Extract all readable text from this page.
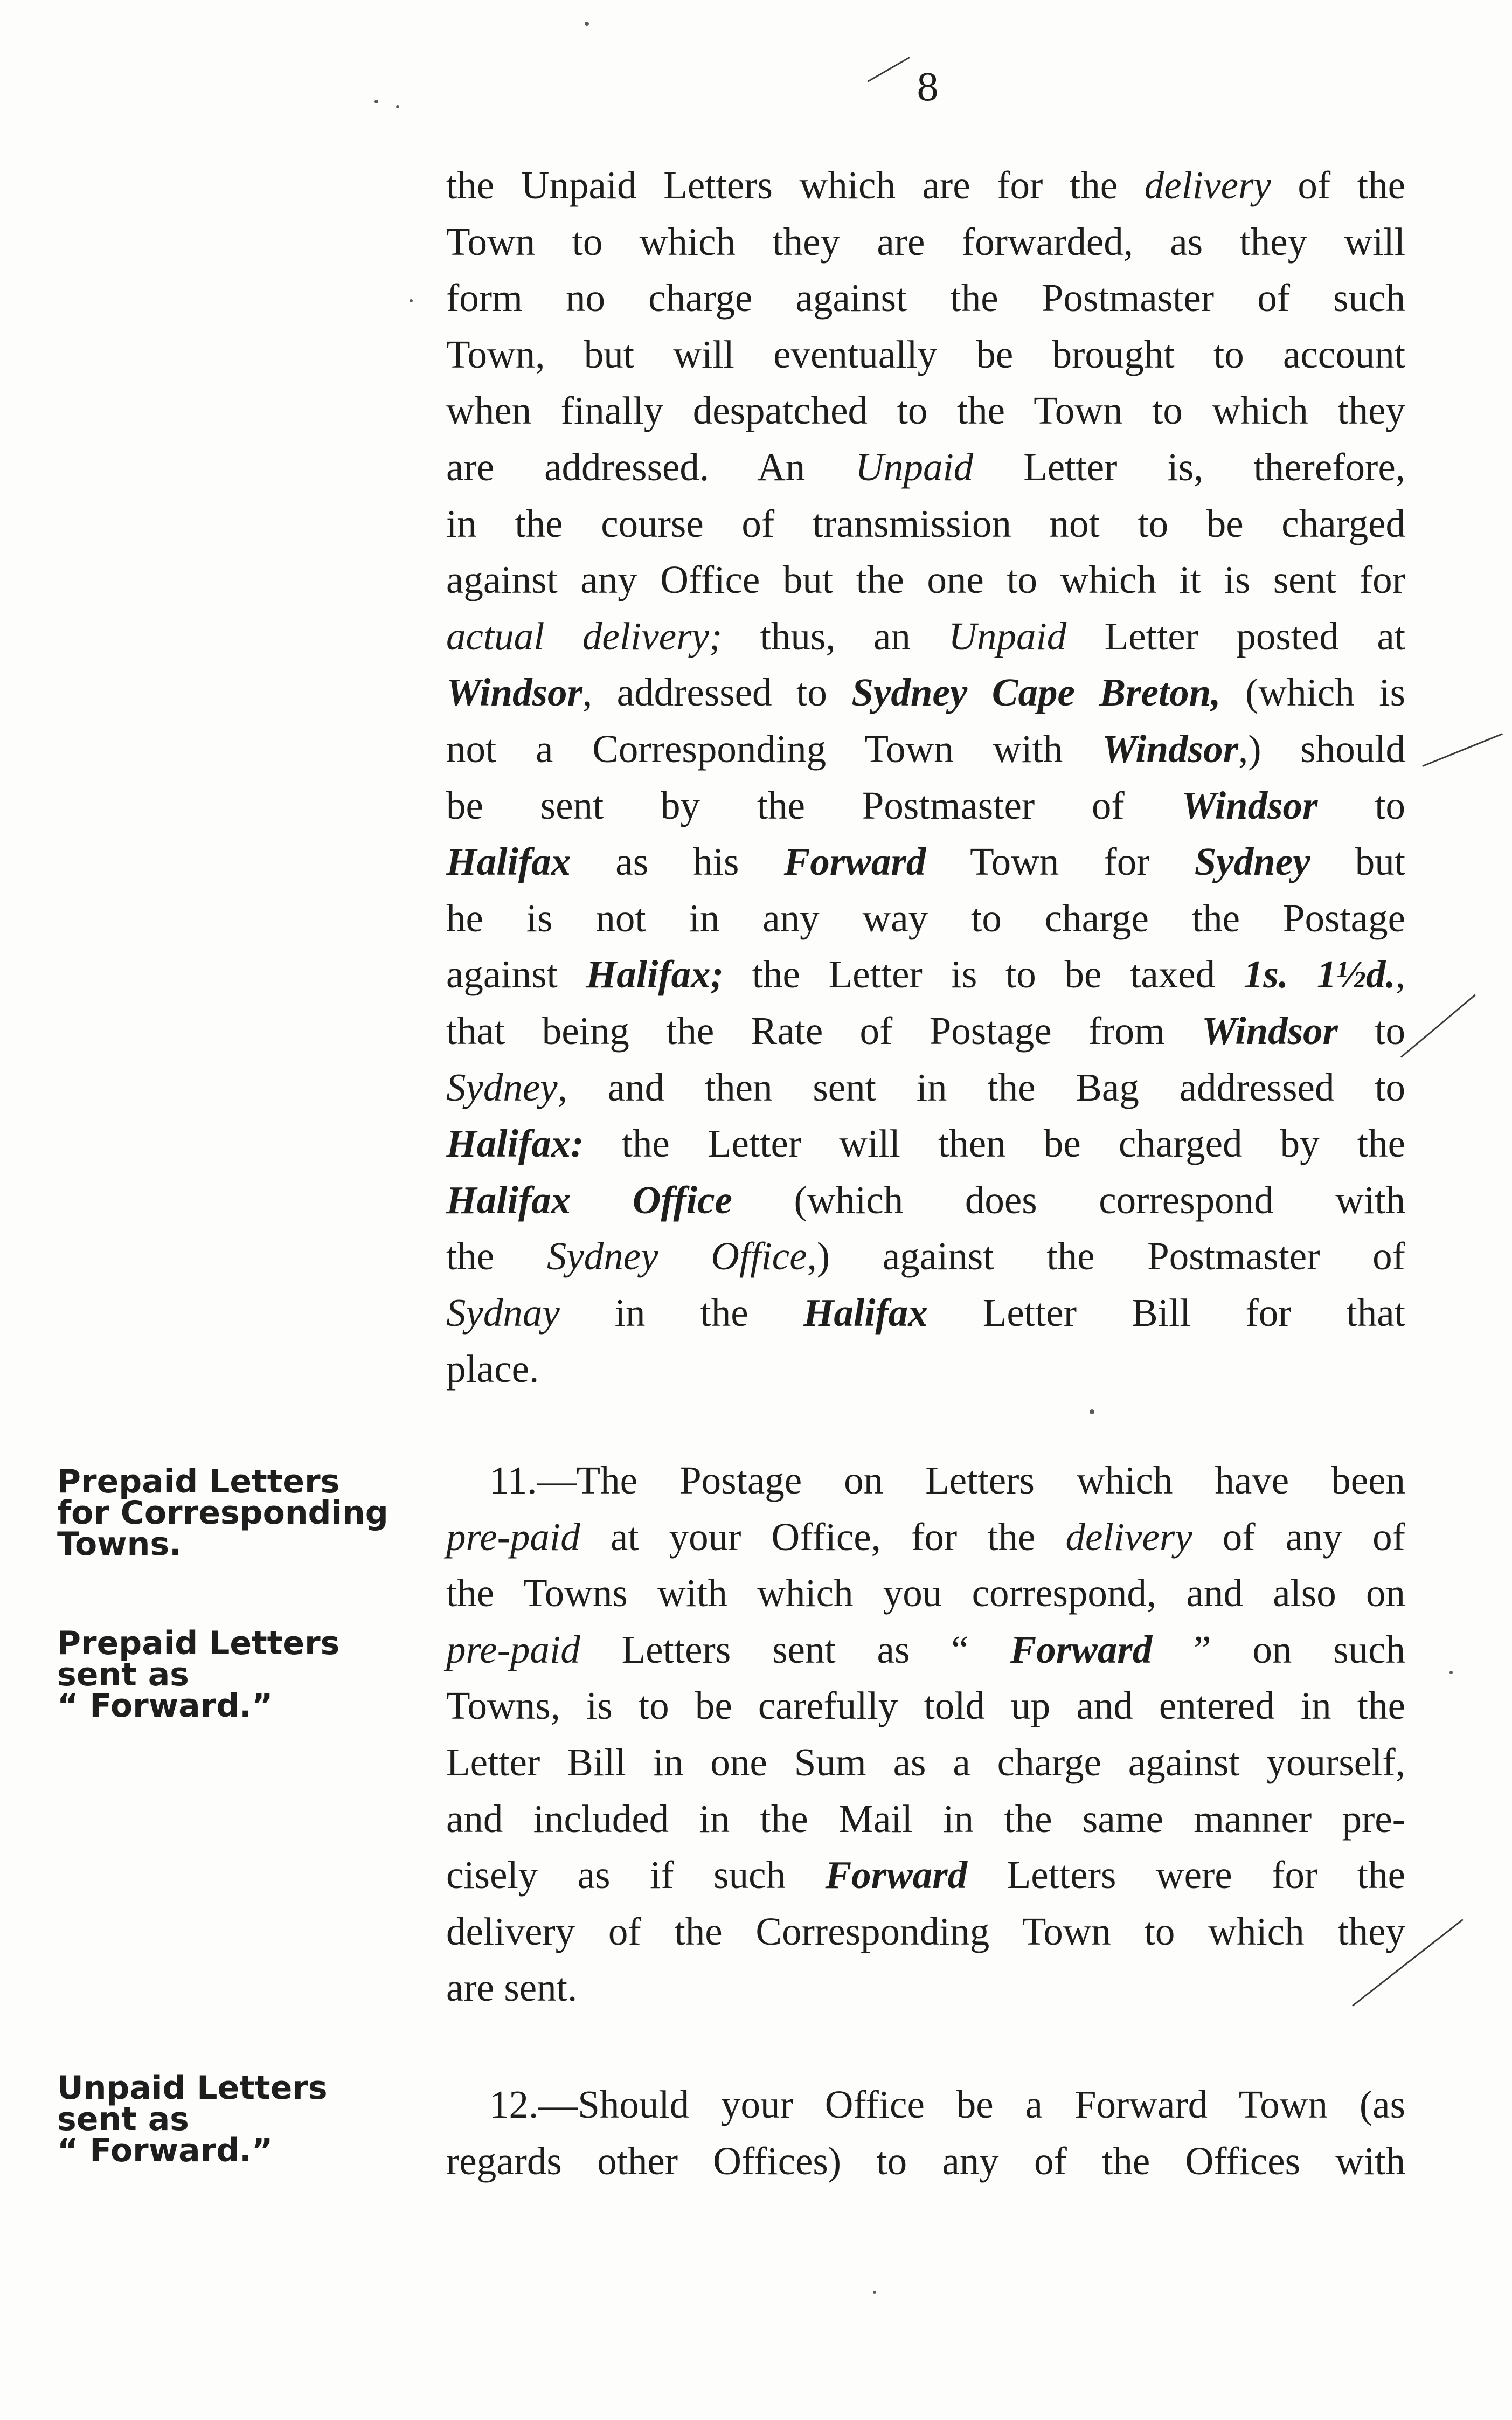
8
the Unpaid Letters which are for the delivery of the
Town to which they are forwarded, as they will
form no charge against the Postmaster of such
Town, but will eventually be brought to account
when finally despatched to the Town to which they
are addressed. An Unpaid Letter is, therefore,
in the course of transmission not to be charged
against any Office but the one to which it is sent for
actual delivery; thus, an Unpaid Letter posted at
Windsor, addressed to Sydney Cape Breton, (which is
not a Corresponding Town with Windsor,) should
be sent by the Postmaster of Windsor to
Halifax as his Forward Town for Sydney but
he is not in any way to charge the Postage
against Halifax; the Letter is to be taxed 1s. 1½d.,
that being the Rate of Postage from Windsor to
Sydney, and then sent in the Bag addressed to
Halifax: the Letter will then be charged by the
Halifax Office (which does correspond with
the Sydney Office,) against the Postmaster of
Sydnay in the Halifax Letter Bill for that
place.
Prepaid Letters
for Corresponding
Towns.
Prepaid Letters
sent as
“ Forward.”
11.—The Postage on Letters which have been
pre-paid at your Office, for the delivery of any of
the Towns with which you correspond, and also on
pre-paid Letters sent as “ Forward ” on such
Towns, is to be carefully told up and entered in the
Letter Bill in one Sum as a charge against yourself,
and included in the Mail in the same manner pre-
cisely as if such Forward Letters were for the
delivery of the Corresponding Town to which they
are sent.
Unpaid Letters
sent as
“ Forward.”
12.—Should your Office be a Forward Town (as
regards other Offices) to any of the Offices with
